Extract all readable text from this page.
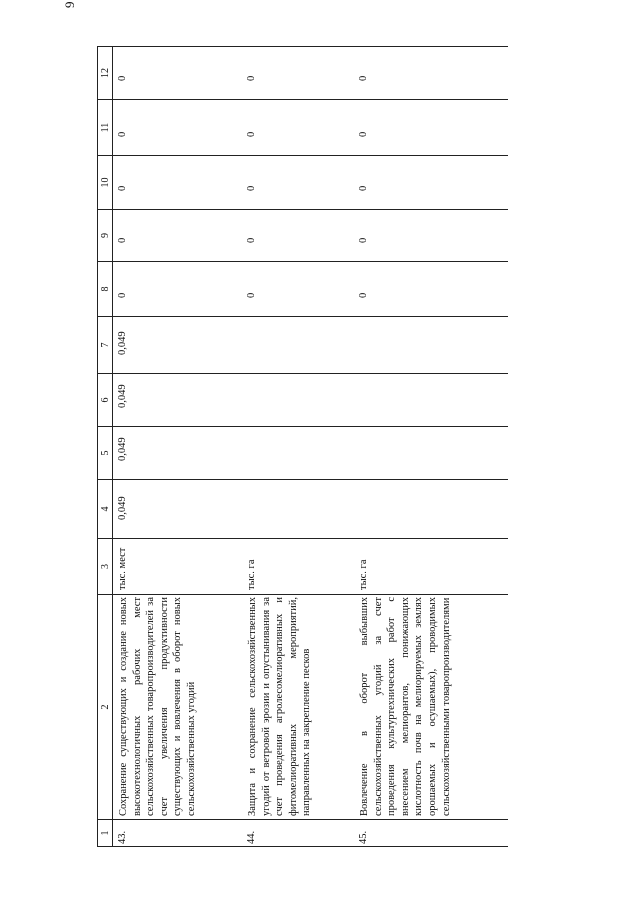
9
1	2	3	4	5	6	7	8	9	10	11	12
43.	Сохранение существующих и создание новых высокотехнологичных рабочих мест сельскохозяйственных товаропроизводителей за счет увеличения продуктивности существующих и вовлечения в оборот новых сельскохозяйственных угодий	тыс. мест	0,049	0,049	0,049	0,049	0	0	0	0	0
44.	Защита и сохранение сельскохозяйственных угодий от ветровой эрозии и опустынивания за счет проведения агролесомелиоративных и фитомелиоративных мероприятий, направленных на закрепление песков	тыс. га					0	0	0	0	0
45.	Вовлечение в оборот выбывших сельскохозяйственных угодий за счет проведения культуртехнических работ с внесением мелиорантов, понижающих кислотность почв на мелиорируемых землях орошаемых и осушаемых), проводимых сельскохозяйственными товаропроизводителями	тыс. га					0	0	0	0	0
